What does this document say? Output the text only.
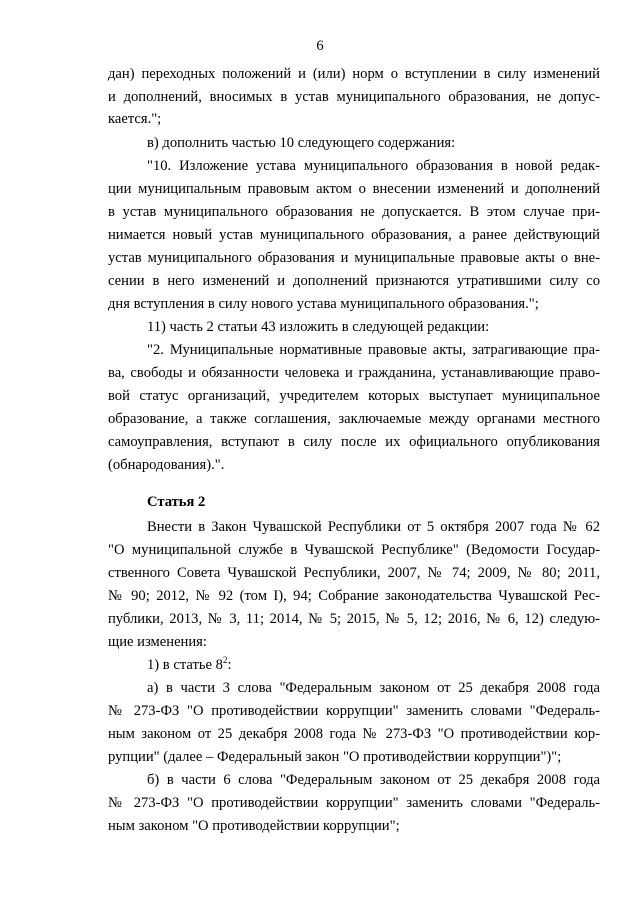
6
дан) переходных положений и (или) норм о вступлении в силу изменений
и дополнений, вносимых в устав муниципального образования, не допус-
кается.";
в) дополнить частью 10 следующего содержания:
"10. Изложение устава муниципального образования в новой редак-
ции муниципальным правовым актом о внесении изменений и дополнений
в устав муниципального образования не допускается. В этом случае при-
нимается новый устав муниципального образования, а ранее действующий
устав муниципального образования и муниципальные правовые акты о вне-
сении в него изменений и дополнений признаются утратившими силу со
дня вступления в силу нового устава муниципального образования.";
11) часть 2 статьи 43 изложить в следующей редакции:
"2. Муниципальные нормативные правовые акты, затрагивающие пра-
ва, свободы и обязанности человека и гражданина, устанавливающие право-
вой статус организаций, учредителем которых выступает муниципальное
образование, а также соглашения, заключаемые между органами местного
самоуправления, вступают в силу после их официального опубликования
(обнародования).".
Статья 2
Внести в Закон Чувашской Республики от 5 октября 2007 года № 62
"О муниципальной службе в Чувашской Республике" (Ведомости Государ-
ственного Совета Чувашской Республики, 2007, № 74; 2009, № 80; 2011,
№ 90; 2012, № 92 (том I), 94; Собрание законодательства Чувашской Рес-
публики, 2013, № 3, 11; 2014, № 5; 2015, № 5, 12; 2016, № 6, 12) следую-
щие изменения:
1) в статье $8^2$:
а) в части 3 слова "Федеральным законом от 25 декабря 2008 года
№ 273-ФЗ "О противодействии коррупции" заменить словами "Федераль-
ным законом от 25 декабря 2008 года № 273-ФЗ "О противодействии кор-
рупции" (далее – Федеральный закон "О противодействии коррупции")";
б) в части 6 слова "Федеральным законом от 25 декабря 2008 года
№ 273-ФЗ "О противодействии коррупции" заменить словами "Федераль-
ным законом "О противодействии коррупции";
